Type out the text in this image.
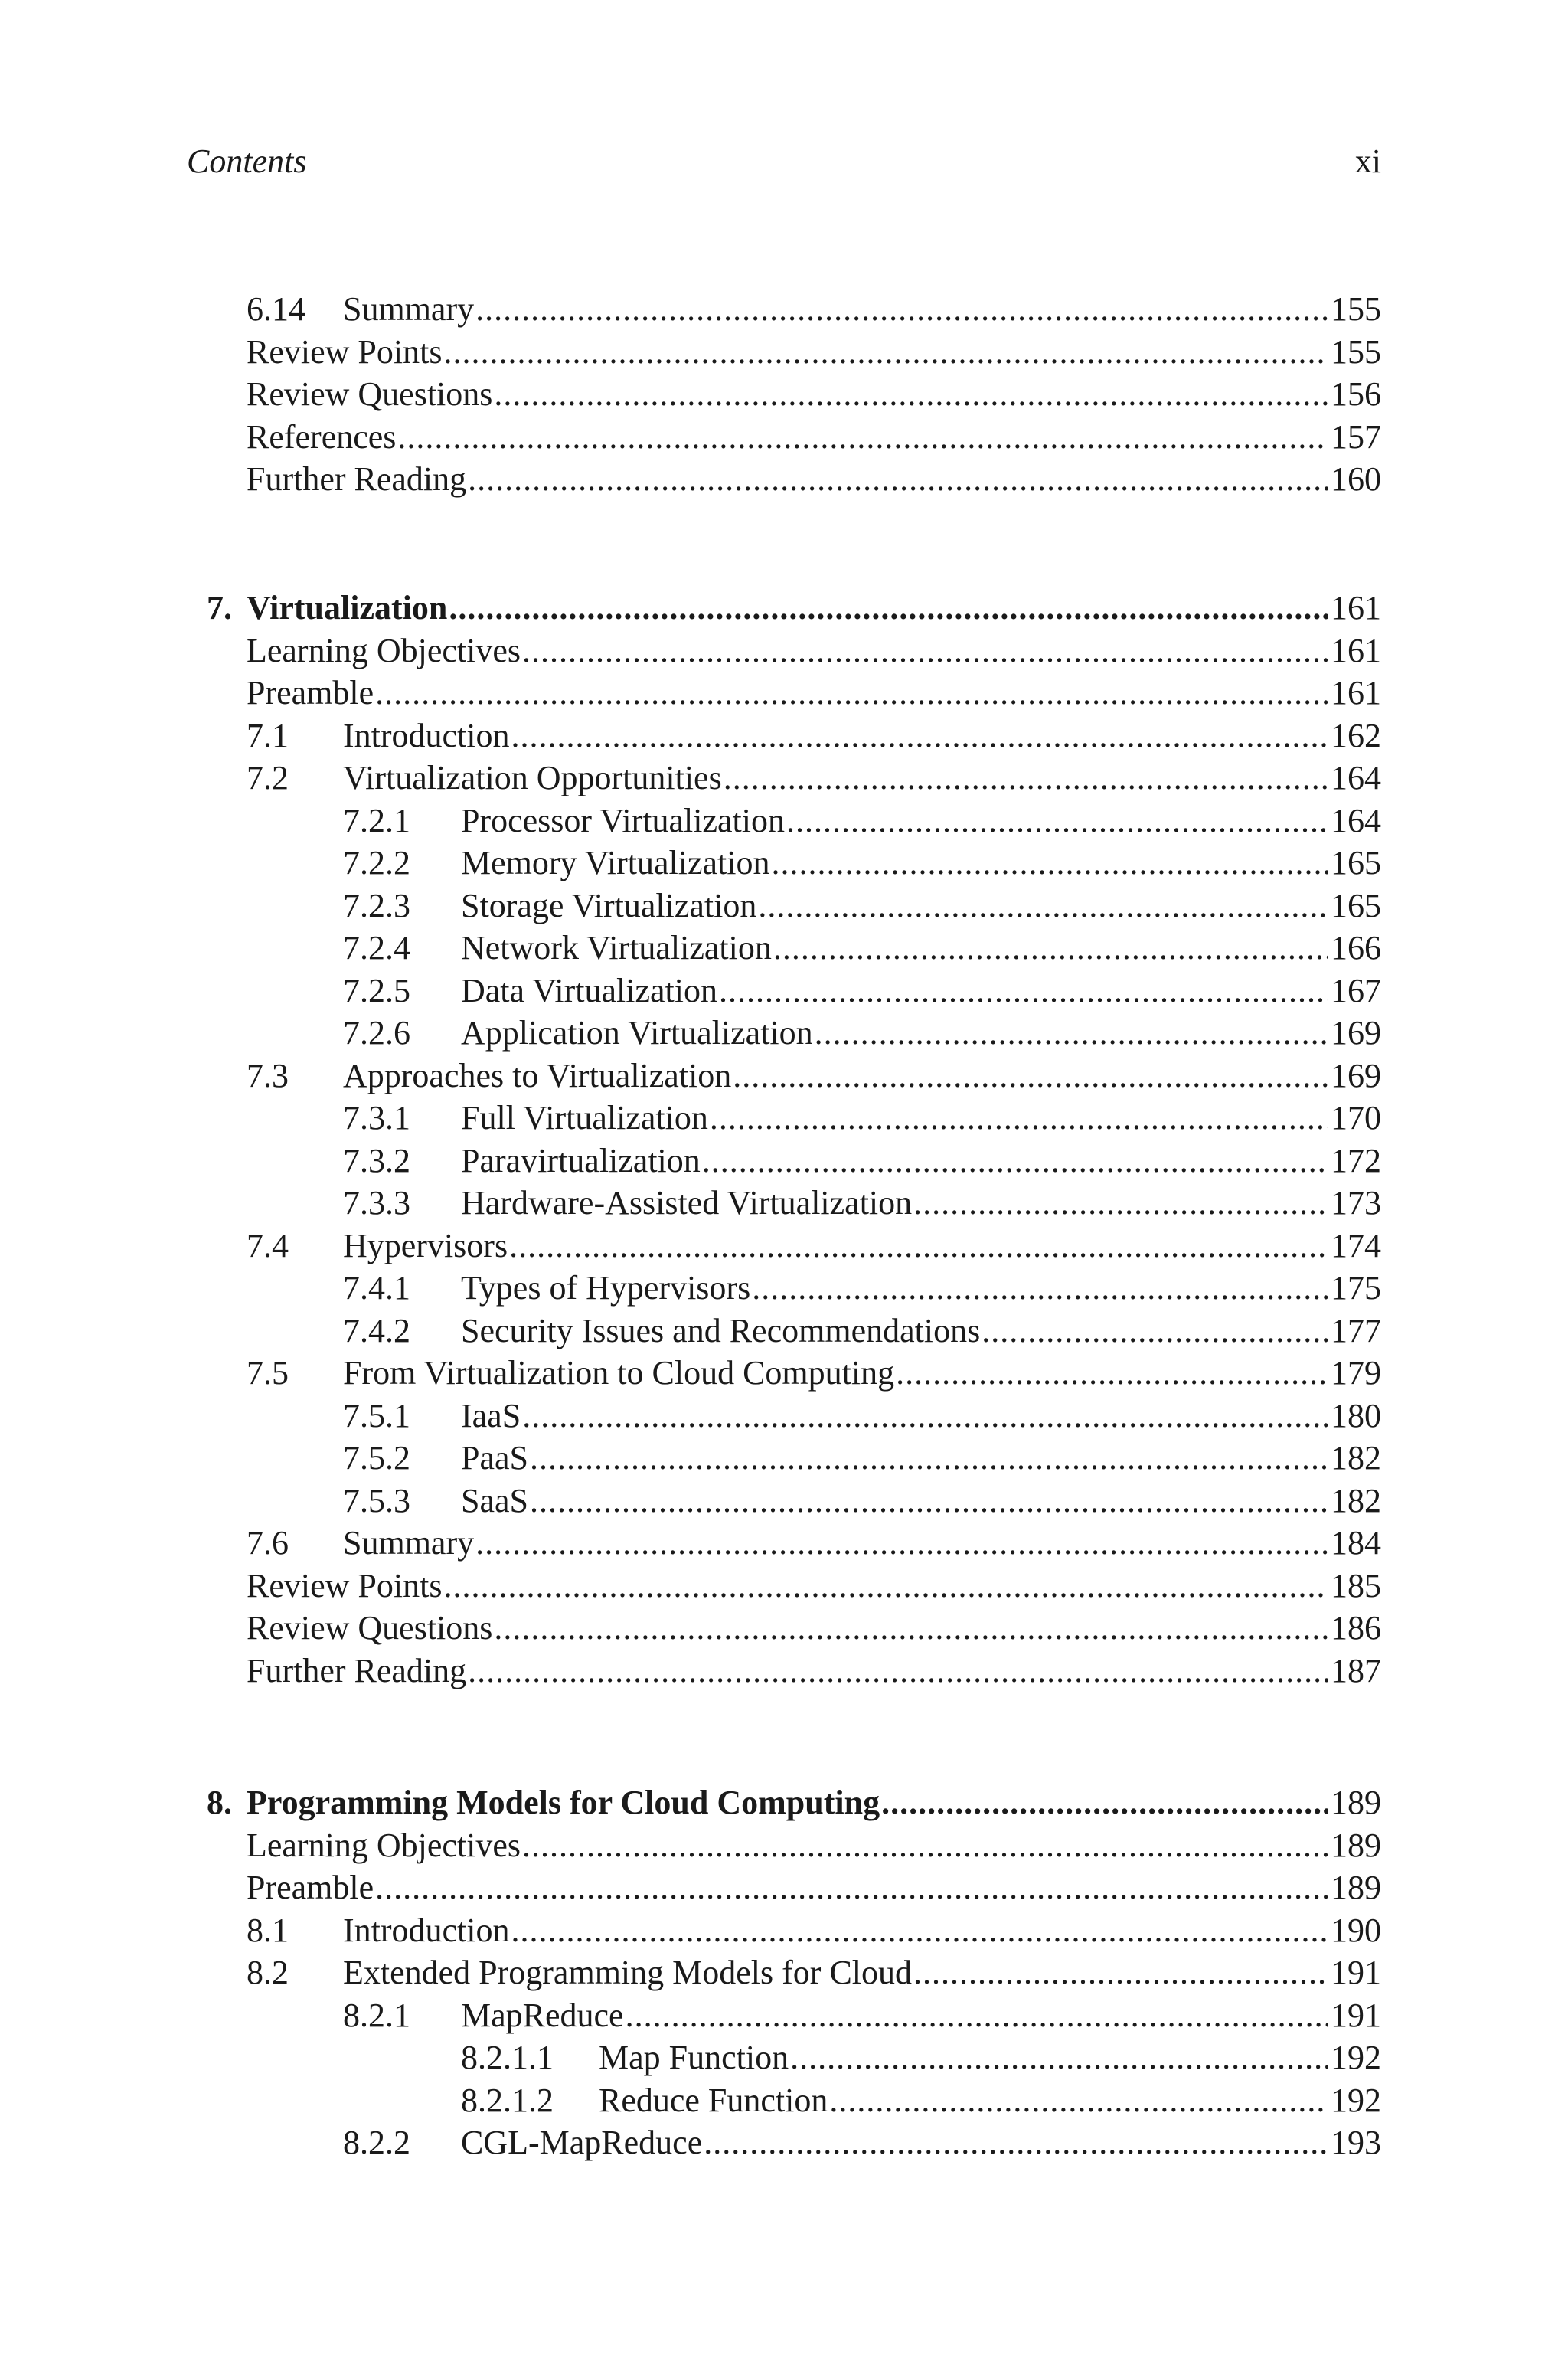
Contents	xi
6.14 Summary .....	155
Review Points .....	155
Review Questions .....	156
References .....	157
Further Reading .....	160
7. Virtualization .....	161
Learning Objectives .....	161
Preamble .....	161
7.1 Introduction .....	162
7.2 Virtualization Opportunities .....	164
7.2.1 Processor Virtualization .....	164
7.2.2 Memory Virtualization .....	165
7.2.3 Storage Virtualization .....	165
7.2.4 Network Virtualization .....	166
7.2.5 Data Virtualization .....	167
7.2.6 Application Virtualization .....	169
7.3 Approaches to Virtualization .....	169
7.3.1 Full Virtualization .....	170
7.3.2 Paravirtualization .....	172
7.3.3 Hardware-Assisted Virtualization .....	173
7.4 Hypervisors .....	174
7.4.1 Types of Hypervisors .....	175
7.4.2 Security Issues and Recommendations .....	177
7.5 From Virtualization to Cloud Computing .....	179
7.5.1 IaaS .....	180
7.5.2 PaaS .....	182
7.5.3 SaaS .....	182
7.6 Summary .....	184
Review Points .....	185
Review Questions .....	186
Further Reading .....	187
8. Programming Models for Cloud Computing .....	189
Learning Objectives .....	189
Preamble .....	189
8.1 Introduction .....	190
8.2 Extended Programming Models for Cloud .....	191
8.2.1 MapReduce .....	191
8.2.1.1 Map Function .....	192
8.2.1.2 Reduce Function .....	192
8.2.2 CGL-MapReduce .....	193
